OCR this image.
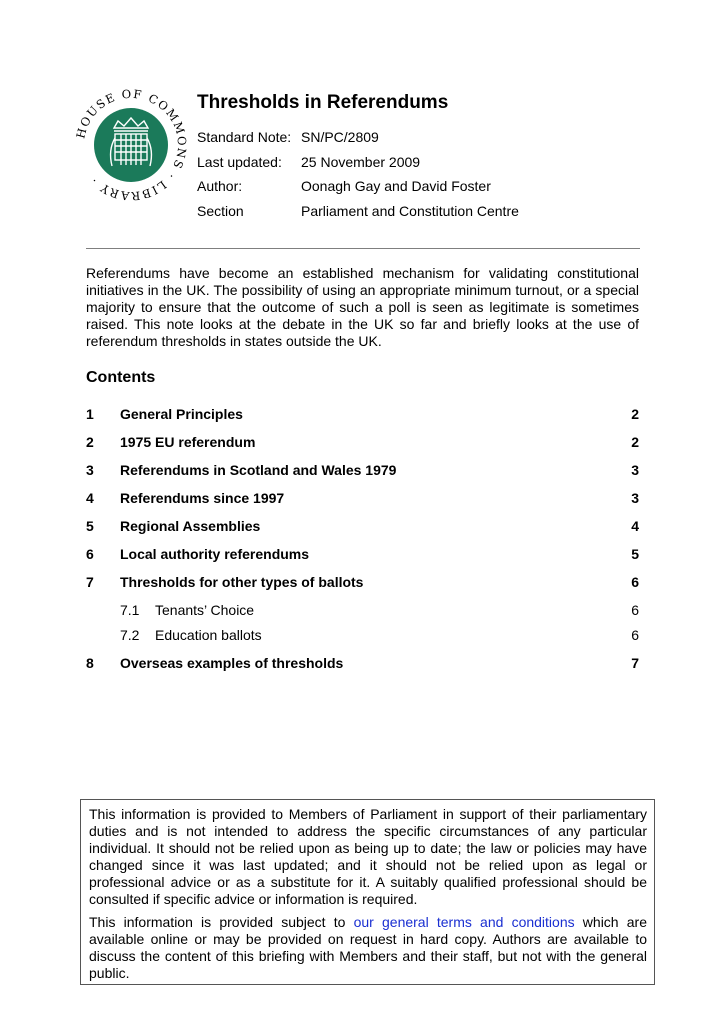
HOUSE OF COMMONS · LIBRARY ·
Thresholds in Referendums
Standard Note: SN/PC/2809
Last updated:	25 November 2009
Author:	Oonagh Gay and David Foster
Section	Parliament and Constitution Centre

Referendums have become an established mechanism for validating constitutional initiatives in the UK. The possibility of using an appropriate minimum turnout, or a special majority to ensure that the outcome of such a poll is seen as legitimate is sometimes raised. This note looks at the debate in the UK so far and briefly looks at the use of referendum thresholds in states outside the UK.

Contents
1 General Principles	2
2 1975 EU referendum	2
3 Referendums in Scotland and Wales 1979	3
4 Referendums since 1997	3
5 Regional Assemblies	4
6 Local authority referendums	5
7 Thresholds for other types of ballots	6
7.1 Tenants’ Choice	6
7.2 Education ballots	6
8 Overseas examples of thresholds	7

This information is provided to Members of Parliament in support of their parliamentary duties and is not intended to address the specific circumstances of any particular individual. It should not be relied upon as being up to date; the law or policies may have changed since it was last updated; and it should not be relied upon as legal or professional advice or as a substitute for it. A suitably qualified professional should be consulted if specific advice or information is required.

This information is provided subject to our general terms and conditions which are available online or may be provided on request in hard copy. Authors are available to discuss the content of this briefing with Members and their staff, but not with the general public.
